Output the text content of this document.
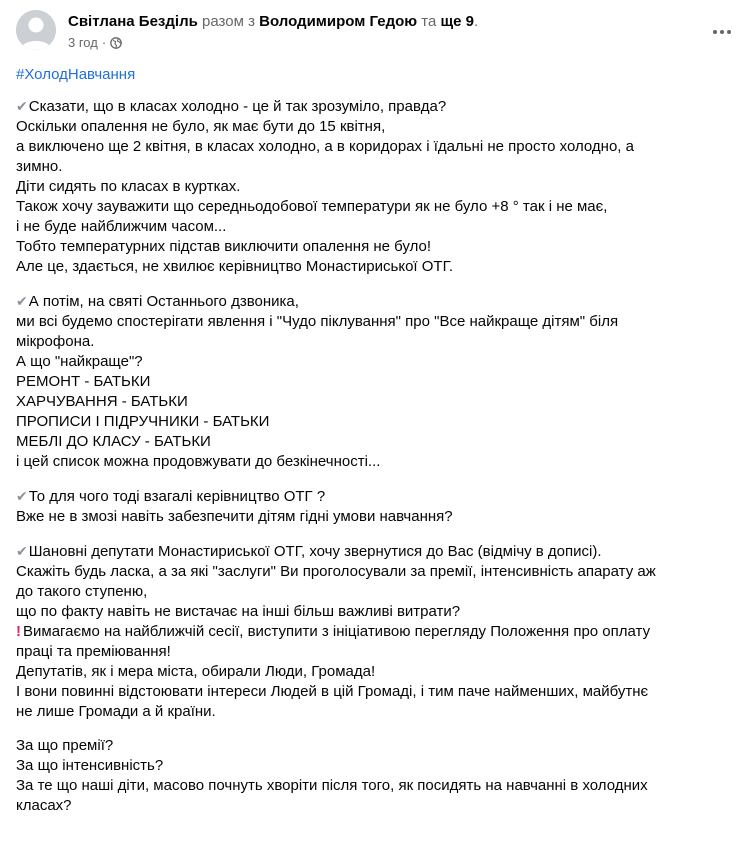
Світлана Безділь разом з Володимиром Гедою та ще 9.
3 год ·
#ХолодНавчання

✔Сказати, що в класах холодно - це й так зрозуміло, правда?
Оскільки опалення не було, як має бути до 15 квітня,
а виключено ще 2 квітня, в класах холодно, а в коридорах і їдальні не просто холодно, а
зимно.
Діти сидять по класах в куртках.
Також хочу зауважити що середньодобової температури як не було +8 ° так і не має,
і не буде найближчим часом...
Тобто температурних підстав виключити опалення не було!
Але це, здається, не хвилює керівництво Монастириської ОТГ.

✔А потім, на святі Останнього дзвоника,
ми всі будемо спостерігати явлення і "Чудо піклування" про "Все найкраще дітям" біля
мікрофона.
А що "найкраще"?
РЕМОНТ - БАТЬКИ
ХАРЧУВАННЯ - БАТЬКИ
ПРОПИСИ І ПІДРУЧНИКИ - БАТЬКИ
МЕБЛІ ДО КЛАСУ - БАТЬКИ
і цей список можна продовжувати до безкінечності...

✔То для чого тоді взагалі керівництво ОТГ ?
Вже не в змозі навіть забезпечити дітям гідні умови навчання?

✔Шановні депутати Монастириської ОТГ, хочу звернутися до Вас (відмічу в дописі).
Скажіть будь ласка, а за які "заслуги" Ви проголосували за премії, інтенсивність апарату аж
до такого ступеню,
що по факту навіть не вистачає на інші більш важливі витрати?
! Вимагаємо на найближчій сесії, виступити з ініціативою перегляду Положення про оплату
праці та преміювання!
Депутатів, як і мера міста, обирали Люди, Громада!
І вони повинні відстоювати інтереси Людей в цій Громаді, і тим паче найменших, майбутнє
не лише Громади а й країни.

За що премії?
За що інтенсивність?
За те що наші діти, масово почнуть хворіти після того, як посидять на навчанні в холодних
класах?
